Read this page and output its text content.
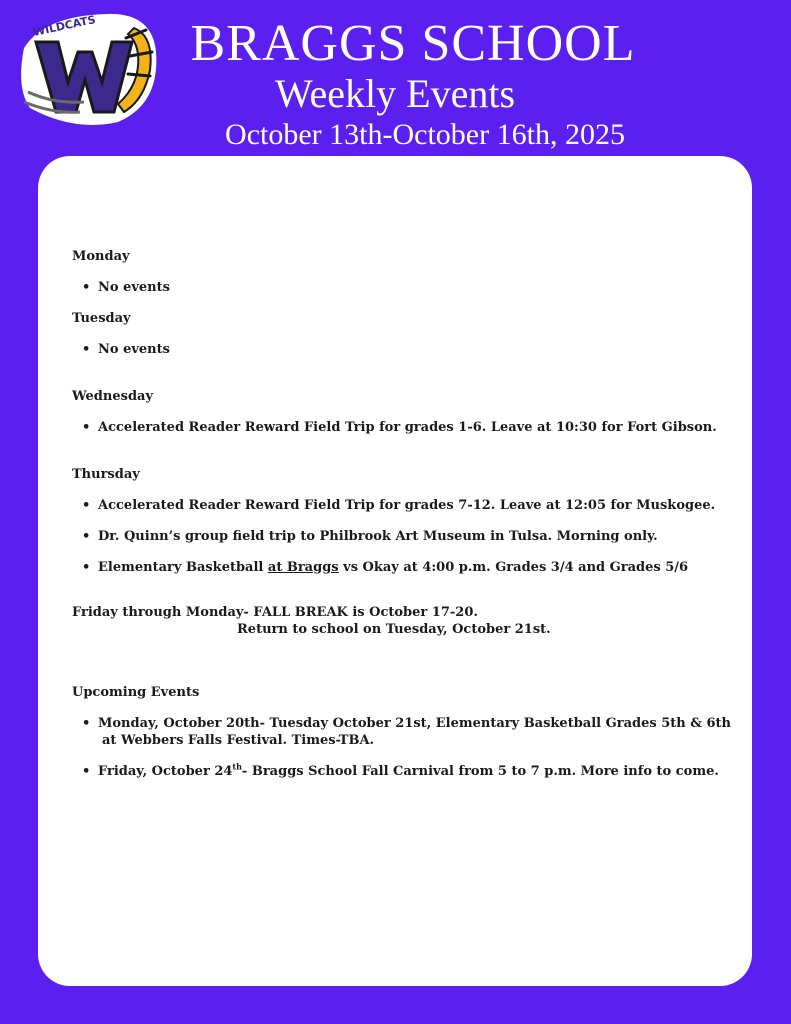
WILDCATS BRAGGS SCHOOL
Weekly Events
October 13th-October 16th, 2025

Monday

• No events

Tuesday

• No events

Wednesday

• Accelerated Reader Reward Field Trip for grades 1-6. Leave at 10:30 for Fort Gibson.

Thursday

• Accelerated Reader Reward Field Trip for grades 7-12. Leave at 12:05 for Muskogee.
• Dr. Quinn’s group field trip to Philbrook Art Museum in Tulsa. Morning only.
• Elementary Basketball at Braggs vs Okay at 4:00 p.m. Grades 3/4 and Grades 5/6

Friday through Monday- FALL BREAK is October 17-20.

Return to school on Tuesday, October 21st.

Upcoming Events

• Monday, October 20th- Tuesday October 21st, Elementary Basketball Grades 5th & 6th
at Webbers Falls Festival. Times-TBA.
• Friday, October 24th- Braggs School Fall Carnival from 5 to 7 p.m. More info to come.
